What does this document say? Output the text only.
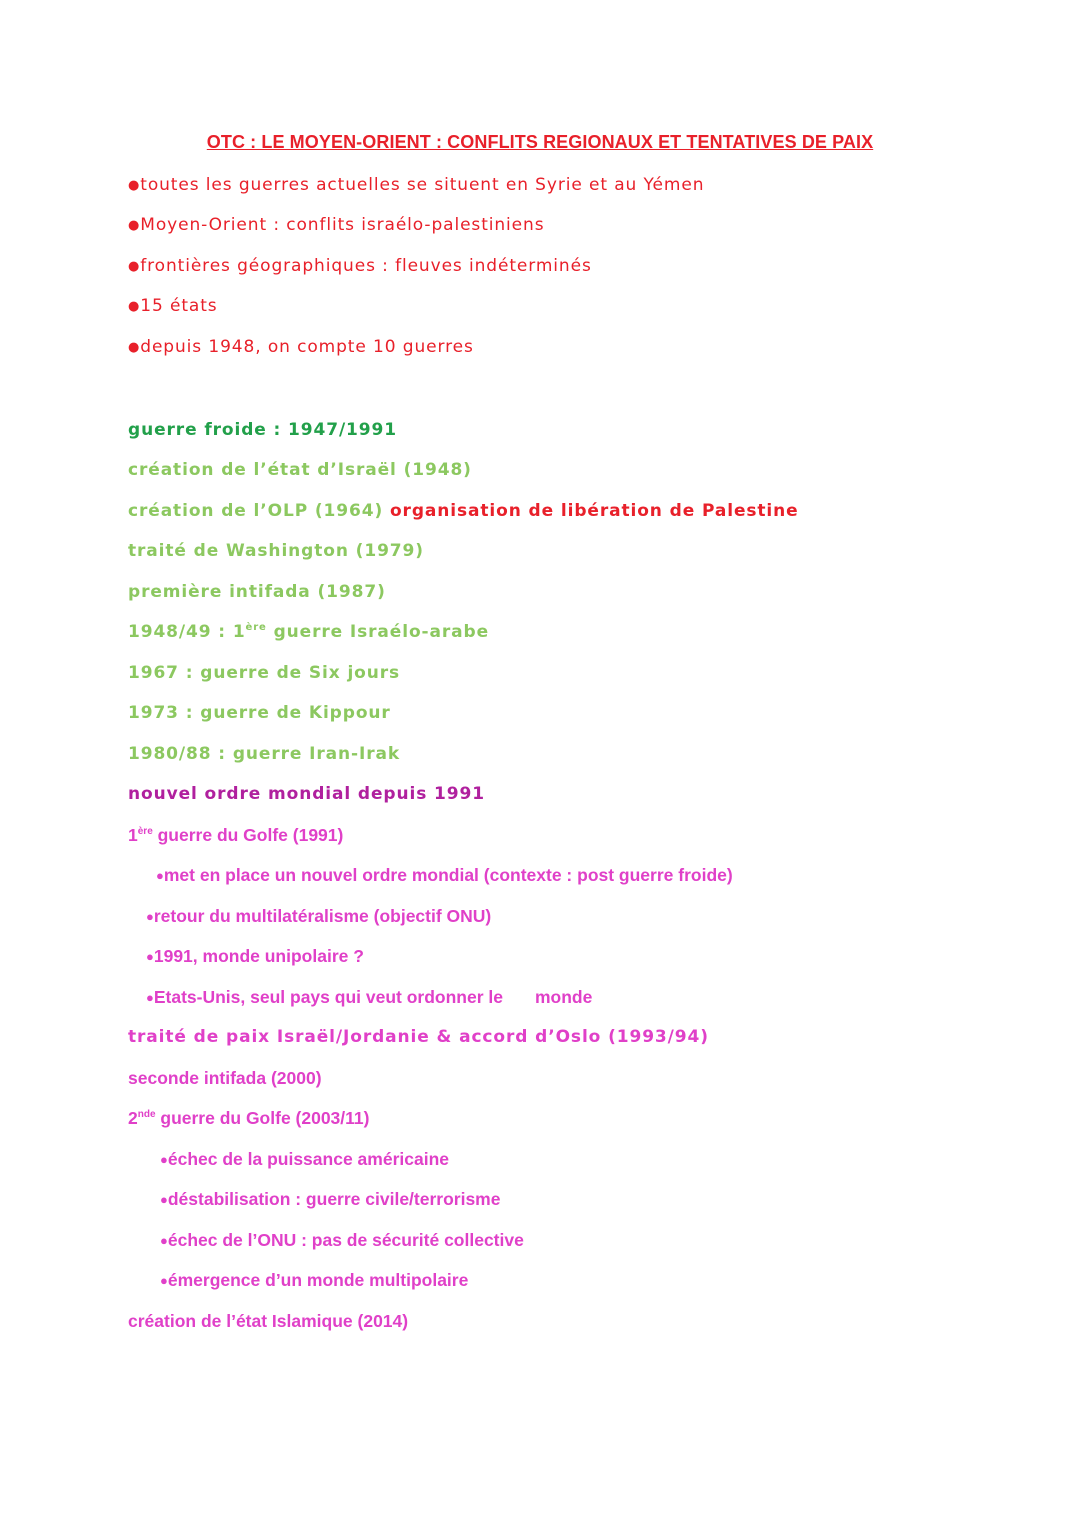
OTC : LE MOYEN-ORIENT : CONFLITS REGIONAUX ET TENTATIVES DE PAIX
●toutes les guerres actuelles se situent en Syrie et au Yémen
●Moyen-Orient : conflits israélo-palestiniens
●frontières géographiques : fleuves indéterminés
●15 états
●depuis 1948, on compte 10 guerres
guerre froide : 1947/1991
création de l’état d’Israël (1948)
création de l’OLP (1964) organisation de libération de Palestine
traité de Washington (1979)
première intifada (1987)
1948/49 : 1ère guerre Israélo-arabe
1967 : guerre de Six jours
1973 : guerre de Kippour
1980/88 : guerre Iran-Irak
nouvel ordre mondial depuis 1991
1ère guerre du Golfe (1991)
●met en place un nouvel ordre mondial (contexte : post guerre froide)
●retour du multilatéralisme (objectif ONU)
●1991, monde unipolaire ?
●Etats-Unis, seul pays qui veut ordonner le monde
traité de paix Israël/Jordanie & accord d’Oslo (1993/94)
seconde intifada (2000)
2nde guerre du Golfe (2003/11)
●échec de la puissance américaine
●déstabilisation : guerre civile/terrorisme
●échec de l’ONU : pas de sécurité collective
●émergence d’un monde multipolaire
création de l’état Islamique (2014)
